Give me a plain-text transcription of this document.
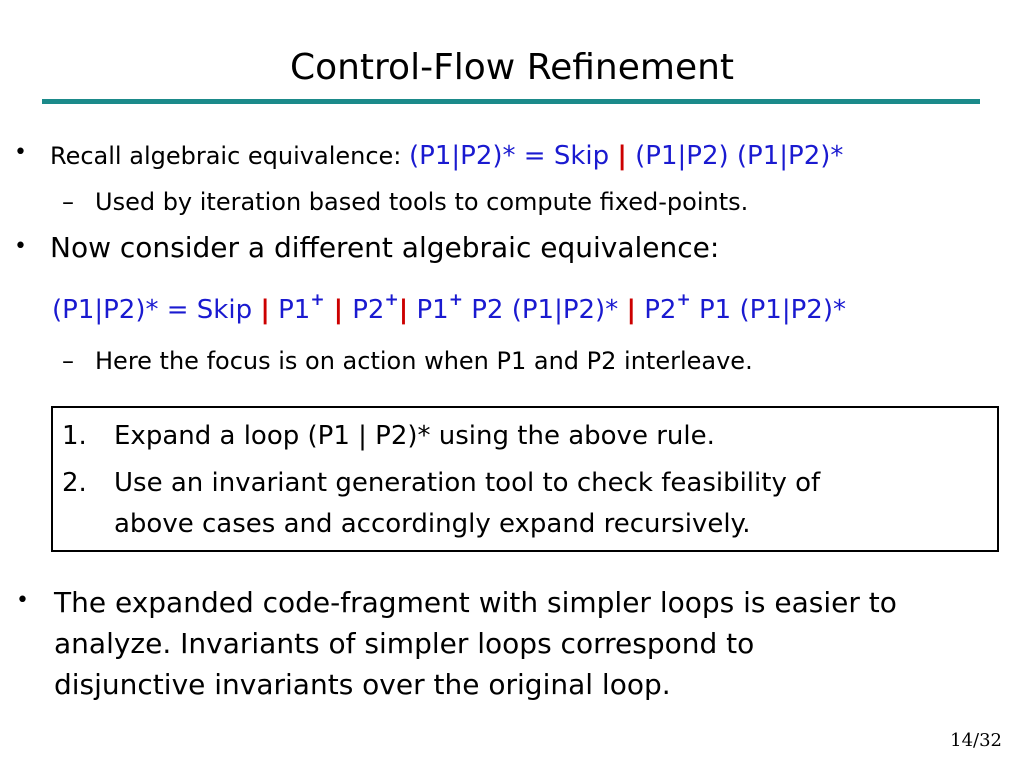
Control-Flow Refinement
• Recall algebraic equivalence: (P1|P2)* = Skip | (P1|P2) (P1|P2)*
– Used by iteration based tools to compute fixed-points.
• Now consider a different algebraic equivalence:
(P1|P2)* = Skip | P1+ | P2+| P1+ P2 (P1|P2)* | P2+ P1 (P1|P2)*
– Here the focus is on action when P1 and P2 interleave.
1. Expand a loop (P1 | P2)* using the above rule.
2. Use an invariant generation tool to check feasibility of
above cases and accordingly expand recursively.
• The expanded code-fragment with simpler loops is easier to
analyze. Invariants of simpler loops correspond to
disjunctive invariants over the original loop.
14/32
